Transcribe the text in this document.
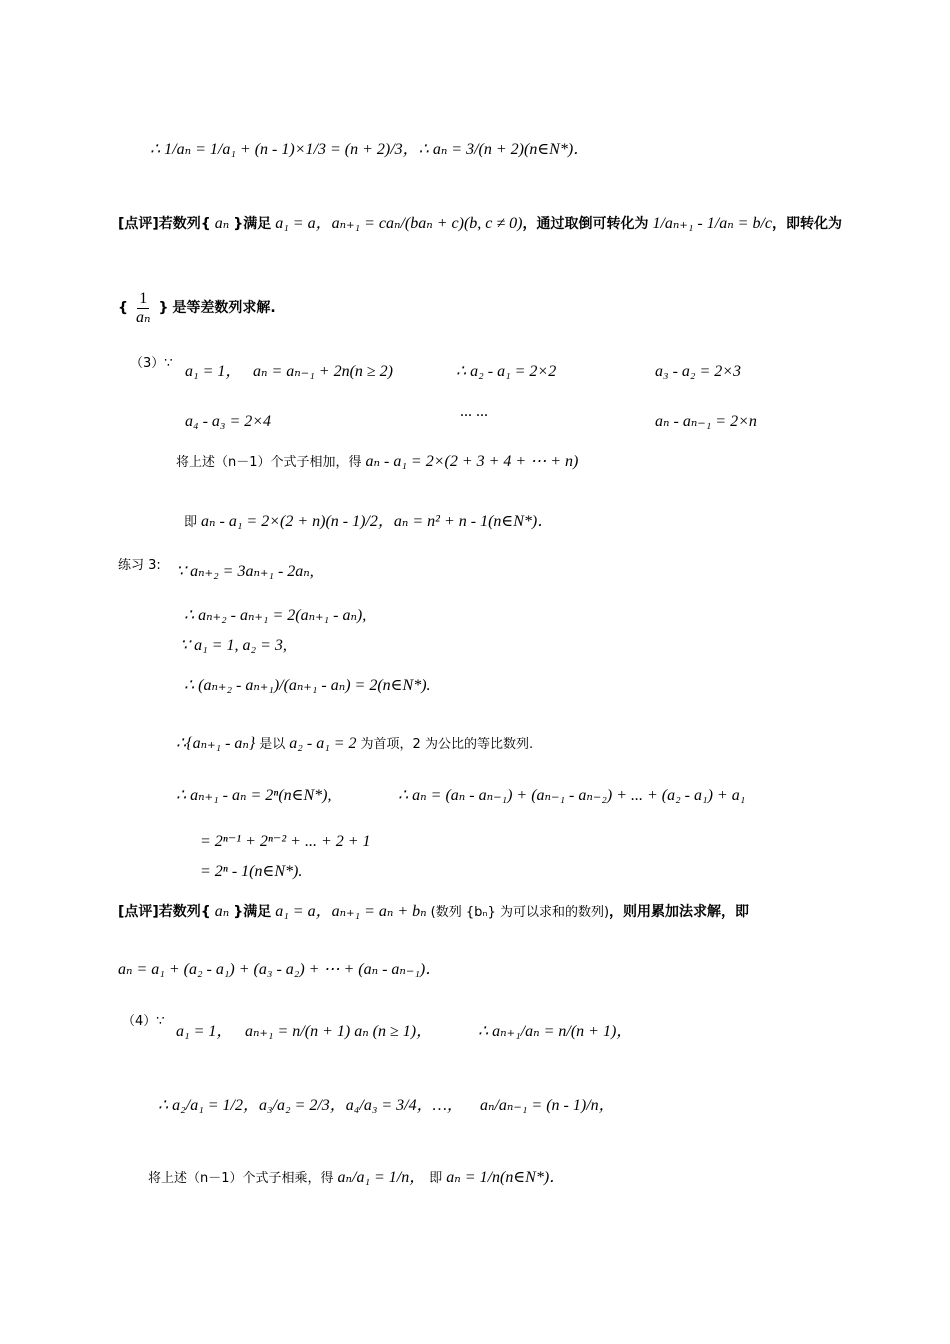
∴ 1/aₙ = 1/a₁ + (n - 1)×1/3 = (n + 2)/3，∴ aₙ = 3/(n + 2)(n∈N*)．
[点评]若数列{ aₙ }满足 a₁ = a，aₙ₊₁ = caₙ/(baₙ + c)(b, c ≠ 0)，通过取倒可转化为 1/aₙ₊₁ - 1/aₙ = b/c，即转化为
{ $\frac{1}{\text{aₙ}}$ } 是等差数列求解.
（3）∵ a₁ = 1， aₙ = aₙ₋₁ + 2n(n ≥ 2)	∴ a₂ - a₁ = 2×2	a₃ - a₂ = 2×3
a₄ - a₃ = 2×4
... ...
aₙ - aₙ₋₁ = 2×n
将上述（n－1）个式子相加，得 aₙ - a₁ = 2×(2 + 3 + 4 + ⋯ + n)
即 aₙ - a₁ = 2×(2 + n)(n - 1)/2，aₙ = n² + n - 1(n∈N*)．
练习 3: ∵ aₙ₊₂ = 3aₙ₊₁ - 2aₙ,
∴ aₙ₊₂ - aₙ₊₁ = 2(aₙ₊₁ - aₙ),
∵ a₁ = 1, a₂ = 3,
∴ (aₙ₊₂ - aₙ₊₁)/(aₙ₊₁ - aₙ) = 2(n∈N*).
∴{aₙ₊₁ - aₙ} 是以 a₂ - a₁ = 2 为首项，2 为公比的等比数列.
∴ aₙ₊₁ - aₙ = 2ⁿ(n∈N*),	∴ aₙ = (aₙ - aₙ₋₁) + (aₙ₋₁ - aₙ₋₂) + ... + (a₂ - a₁) + a₁
= 2ⁿ⁻¹ + 2ⁿ⁻² + ... + 2 + 1
= 2ⁿ - 1(n∈N*).
[点评]若数列{ aₙ }满足 a₁ = a，aₙ₊₁ = aₙ + bₙ (数列 {bₙ} 为可以求和的数列)，则用累加法求解，即
aₙ = a₁ + (a₂ - a₁) + (a₃ - a₂) + ⋯ + (aₙ - aₙ₋₁)．
（4）∵
a₁ = 1， aₙ₊₁ = n/(n + 1) aₙ (n ≥ 1)，	∴ aₙ₊₁/aₙ = n/(n + 1)，
∴ a₂/a₁ = 1/2，a₃/a₂ = 2/3，a₄/a₃ = 3/4，…， aₙ/aₙ₋₁ = (n - 1)/n，
将上述（n－1）个式子相乘，得 aₙ/a₁ = 1/n， 即 aₙ = 1/n(n∈N*)．
